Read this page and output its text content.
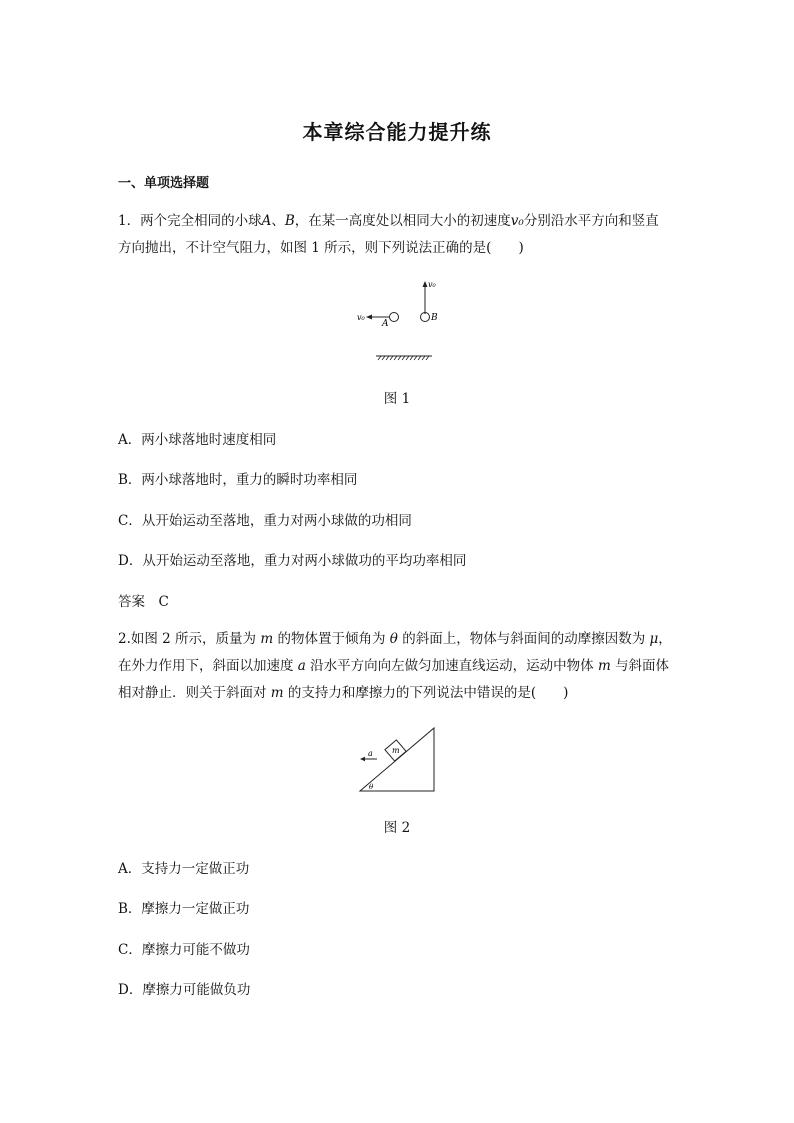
本章综合能力提升练
一、单项选择题
1．两个完全相同的小球A、B，在某一高度处以相同大小的初速度v₀分别沿水平方向和竖直
方向抛出，不计空气阻力，如图 1 所示，则下列说法正确的是(　　)
v₀
v₀
A
B
图 1
A．两小球落地时速度相同
B．两小球落地时，重力的瞬时功率相同
C．从开始运动至落地，重力对两小球做的功相同
D．从开始运动至落地，重力对两小球做功的平均功率相同
答案　C
2.如图 2 所示，质量为 m 的物体置于倾角为 θ 的斜面上，物体与斜面间的动摩擦因数为 μ，
在外力作用下，斜面以加速度 a 沿水平方向向左做匀加速直线运动，运动中物体 m 与斜面体
相对静止．则关于斜面对 m 的支持力和摩擦力的下列说法中错误的是(　　)
m
a
θ
图 2
A．支持力一定做正功
B．摩擦力一定做正功
C．摩擦力可能不做功
D．摩擦力可能做负功
